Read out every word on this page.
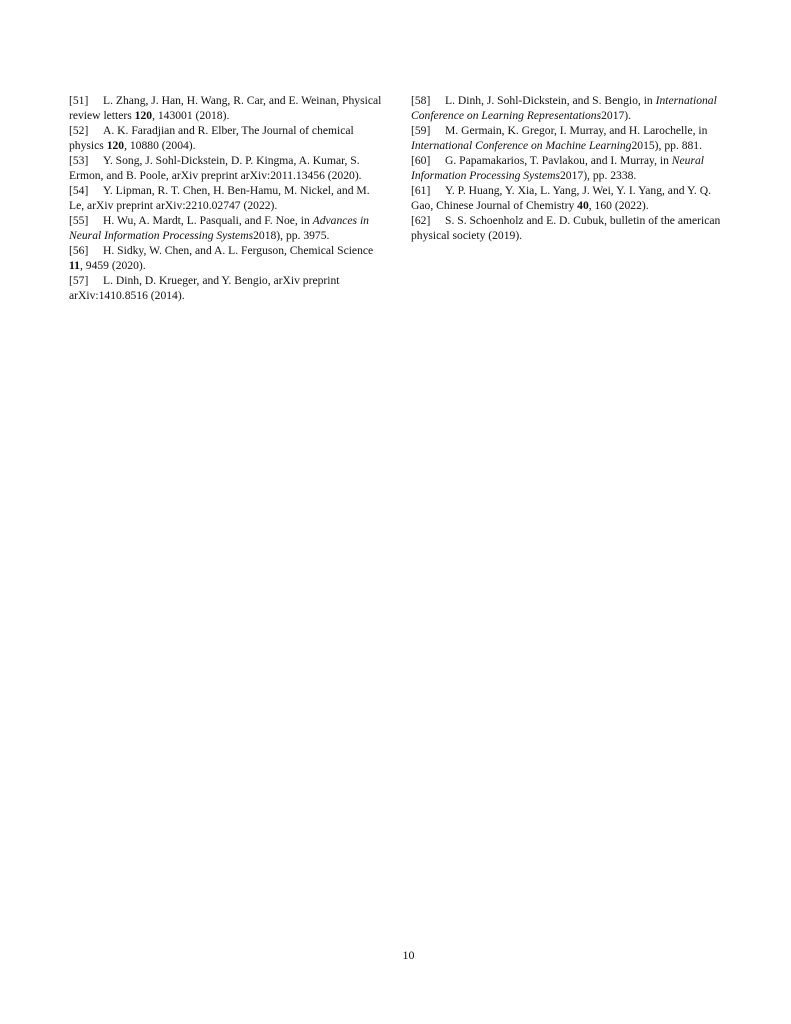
[51] L. Zhang, J. Han, H. Wang, R. Car, and E. Weinan, Physical review letters 120, 143001 (2018).

[52] A. K. Faradjian and R. Elber, The Journal of chemical physics 120, 10880 (2004).

[53] Y. Song, J. Sohl-Dickstein, D. P. Kingma, A. Kumar, S. Ermon, and B. Poole, arXiv preprint arXiv:2011.13456 (2020).

[54] Y. Lipman, R. T. Chen, H. Ben-Hamu, M. Nickel, and M. Le, arXiv preprint arXiv:2210.02747 (2022).

[55] H. Wu, A. Mardt, L. Pasquali, and F. Noe, in Advances in Neural Information Processing Systems2018), pp. 3975.

[56] H. Sidky, W. Chen, and A. L. Ferguson, Chemical Science 11, 9459 (2020).

[57] L. Dinh, D. Krueger, and Y. Bengio, arXiv preprint arXiv:1410.8516 (2014).

[58] L. Dinh, J. Sohl-Dickstein, and S. Bengio, in International Conference on Learning Representations2017).

[59] M. Germain, K. Gregor, I. Murray, and H. Larochelle, in International Conference on Machine Learning2015), pp. 881.

[60] G. Papamakarios, T. Pavlakou, and I. Murray, in Neural Information Processing Systems2017), pp. 2338.

[61] Y. P. Huang, Y. Xia, L. Yang, J. Wei, Y. I. Yang, and Y. Q. Gao, Chinese Journal of Chemistry 40, 160 (2022).

[62] S. S. Schoenholz and E. D. Cubuk, bulletin of the american physical society (2019).

10
